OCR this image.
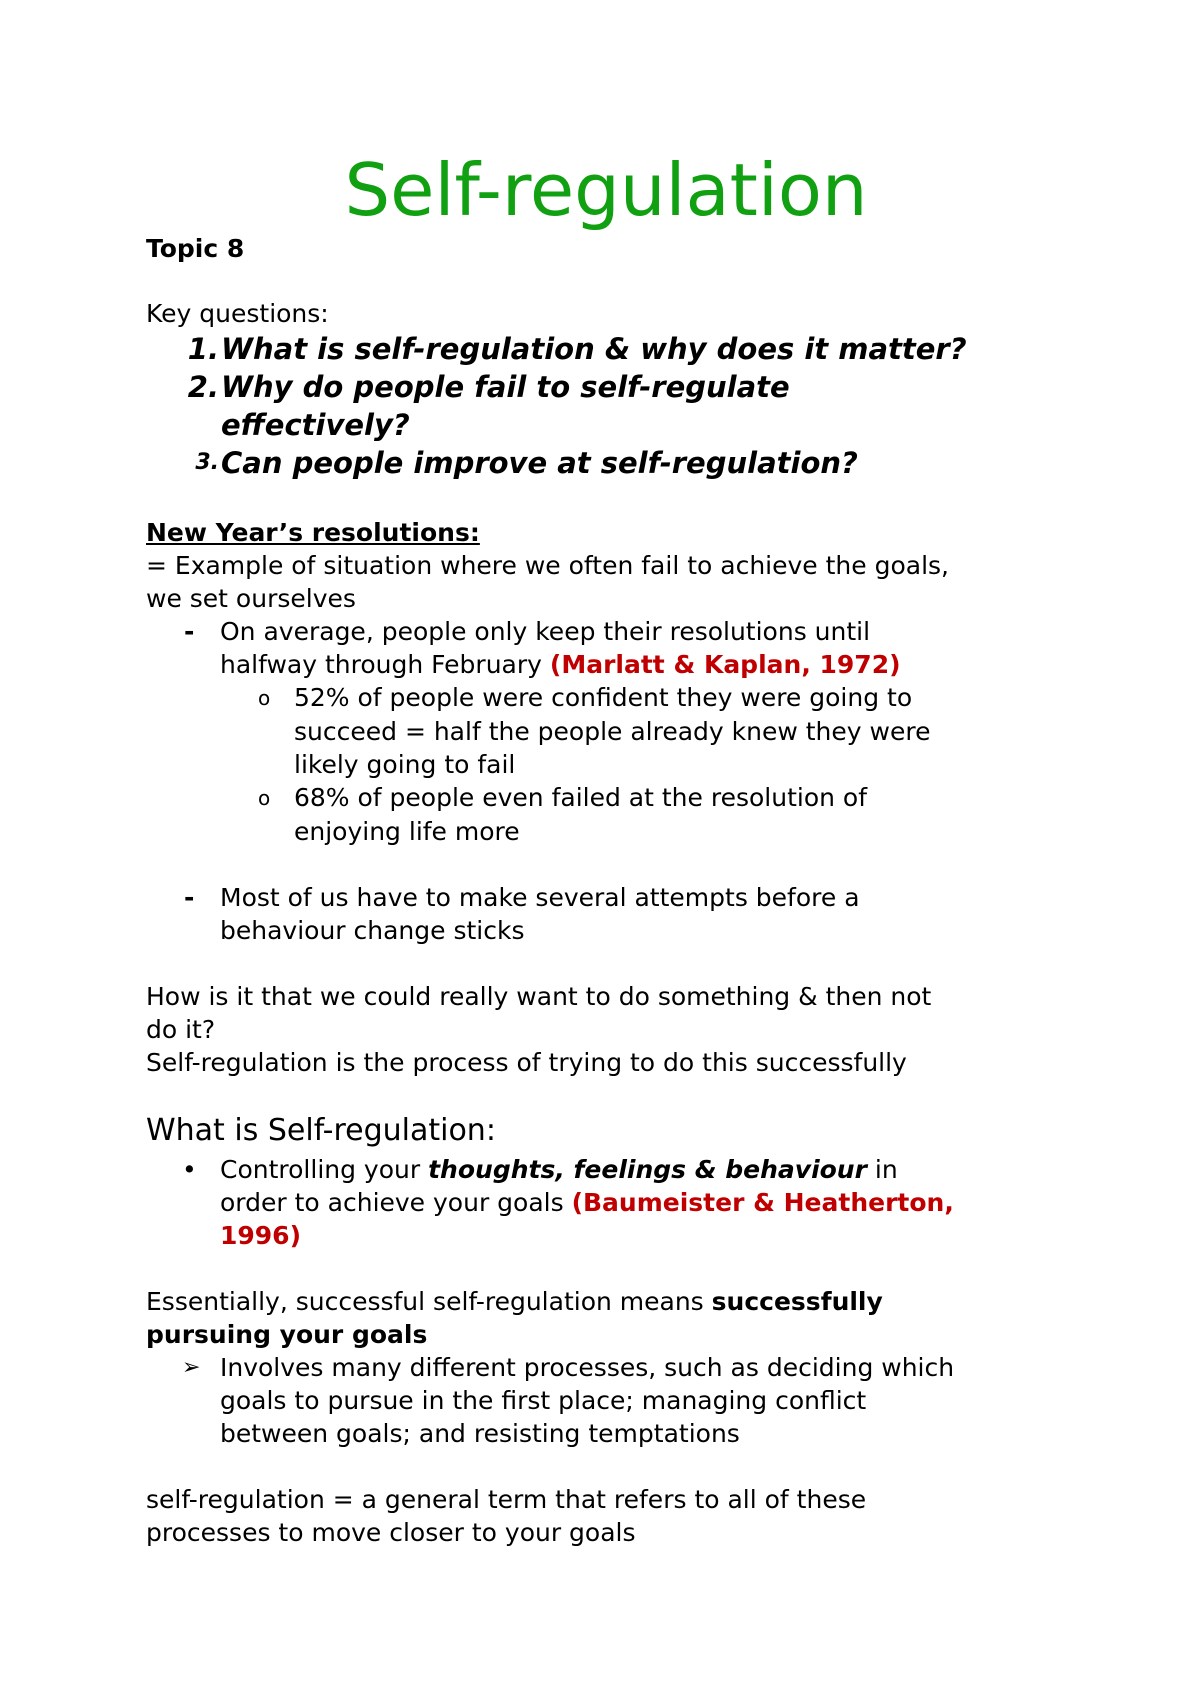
Self-regulation
Topic 8
Key questions:
1. What is self-regulation & why does it matter?
2. Why do people fail to self-regulate
effectively?
3. Can people improve at self-regulation?
New Year’s resolutions:
= Example of situation where we often fail to achieve the goals,
we set ourselves
- On average, people only keep their resolutions until
halfway through February (Marlatt & Kaplan, 1972)
o 52% of people were confident they were going to
succeed = half the people already knew they were
likely going to fail
o 68% of people even failed at the resolution of
enjoying life more
- Most of us have to make several attempts before a
behaviour change sticks
How is it that we could really want to do something & then not
do it?
Self-regulation is the process of trying to do this successfully
What is Self-regulation:
• Controlling your thoughts, feelings & behaviour in
order to achieve your goals (Baumeister & Heatherton,
1996)
Essentially, successful self-regulation means successfully
pursuing your goals
➢ Involves many different processes, such as deciding which
goals to pursue in the first place; managing conflict
between goals; and resisting temptations
self-regulation = a general term that refers to all of these
processes to move closer to your goals
